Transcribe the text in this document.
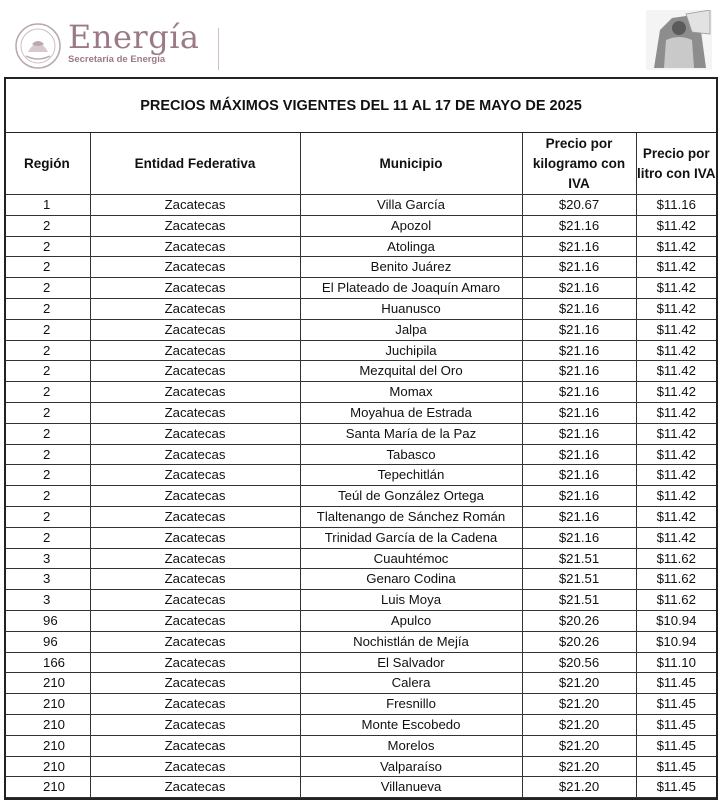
Energía
Secretaría de Energía
PRECIOS MÁXIMOS VIGENTES DEL 11 AL 17 DE MAYO DE 2025
Región	Entidad Federativa	Municipio	Precio por kilogramo con IVA	Precio por litro con IVA
1	Zacatecas	Villa García	$20.67	$11.16
2	Zacatecas	Apozol	$21.16	$11.42
2	Zacatecas	Atolinga	$21.16	$11.42
2	Zacatecas	Benito Juárez	$21.16	$11.42
2	Zacatecas	El Plateado de Joaquín Amaro	$21.16	$11.42
2	Zacatecas	Huanusco	$21.16	$11.42
2	Zacatecas	Jalpa	$21.16	$11.42
2	Zacatecas	Juchipila	$21.16	$11.42
2	Zacatecas	Mezquital del Oro	$21.16	$11.42
2	Zacatecas	Momax	$21.16	$11.42
2	Zacatecas	Moyahua de Estrada	$21.16	$11.42
2	Zacatecas	Santa María de la Paz	$21.16	$11.42
2	Zacatecas	Tabasco	$21.16	$11.42
2	Zacatecas	Tepechitlán	$21.16	$11.42
2	Zacatecas	Teúl de González Ortega	$21.16	$11.42
2	Zacatecas	Tlaltenango de Sánchez Román	$21.16	$11.42
2	Zacatecas	Trinidad García de la Cadena	$21.16	$11.42
3	Zacatecas	Cuauhtémoc	$21.51	$11.62
3	Zacatecas	Genaro Codina	$21.51	$11.62
3	Zacatecas	Luis Moya	$21.51	$11.62
96	Zacatecas	Apulco	$20.26	$10.94
96	Zacatecas	Nochistlán de Mejía	$20.26	$10.94
166	Zacatecas	El Salvador	$20.56	$11.10
210	Zacatecas	Calera	$21.20	$11.45
210	Zacatecas	Fresnillo	$21.20	$11.45
210	Zacatecas	Monte Escobedo	$21.20	$11.45
210	Zacatecas	Morelos	$21.20	$11.45
210	Zacatecas	Valparaíso	$21.20	$11.45
210	Zacatecas	Villanueva	$21.20	$11.45
